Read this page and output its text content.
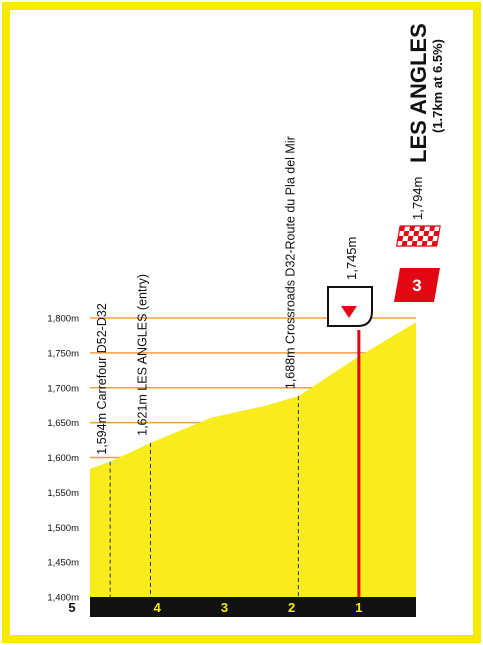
1,400m
1,450m
1,500m
1,550m
1,600m
1,650m
1,700m
1,750m
1,800m
5	4	3	2	1
1,594m Carrefour D52-D32 1,621m LES ANGLES (entry)	1,688m Crossroads D32-Route du Pla del Mir	1,745m
3
1,794m
LES ANGLES (1.7km at 6.5%)
